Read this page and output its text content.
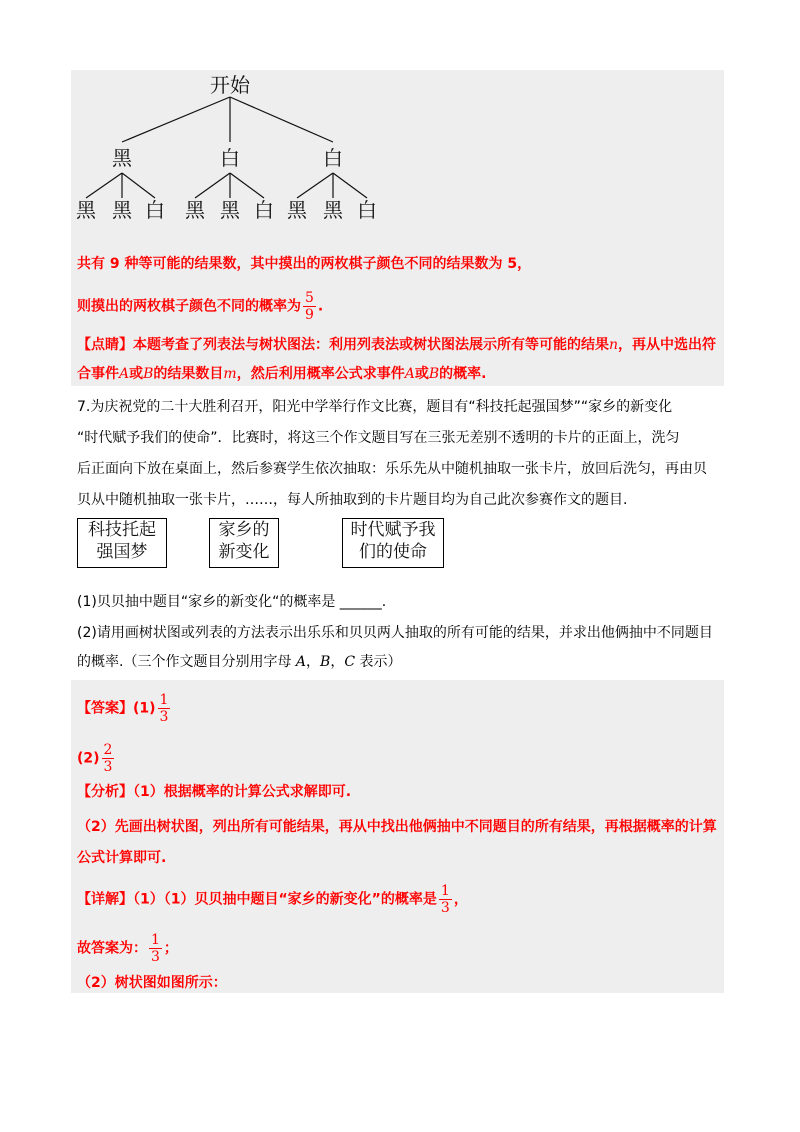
开始
黑	白	白
黑 黑 白 黑 黑 白 黑 黑 白
共有 9 种等可能的结果数，其中摸出的两枚棋子颜色不同的结果数为 5，
则摸出的两枚棋子颜色不同的概率为 $\frac{5}{9}$ .
【点睛】本题考查了列表法与树状图法：利用列表法或树状图法展示所有等可能的结果n，再从中选出符
合事件A或B的结果数目m，然后利用概率公式求事件A或B的概率.
7.为庆祝党的二十大胜利召开，阳光中学举行作文比赛，题目有“科技托起强国梦”“家乡的新变化
“时代赋予我们的使命”．比赛时，将这三个作文题目写在三张无差别不透明的卡片的正面上，洗匀
后正面向下放在桌面上，然后参赛学生依次抽取：乐乐先从中随机抽取一张卡片，放回后洗匀，再由贝
贝从中随机抽取一张卡片，……，每人所抽取到的卡片题目均为自己此次参赛作文的题目.
科技托起
强国梦
家乡的
新变化
时代赋予我
们的使命
(1)贝贝抽中题目“家乡的新变化“的概率是 ______.
(2)请用画树状图或列表的方法表示出乐乐和贝贝两人抽取的所有可能的结果，并求出他俩抽中不同题目
的概率.（三个作文题目分别用字母 A，B，C 表示）
【答案】$(1) \frac{1}{3}$
$(2) \frac{2}{3}$
【分析】（1）根据概率的计算公式求解即可.
（2）先画出树状图，列出所有可能结果，再从中找出他俩抽中不同题目的所有结果，再根据概率的计算
公式计算即可.
【详解】（1）（1）贝贝抽中题目“家乡的新变化”的概率是 $\frac{1}{3}$ ，
故答案为： $\frac{1}{3}$ ；
（2）树状图如图所示：
